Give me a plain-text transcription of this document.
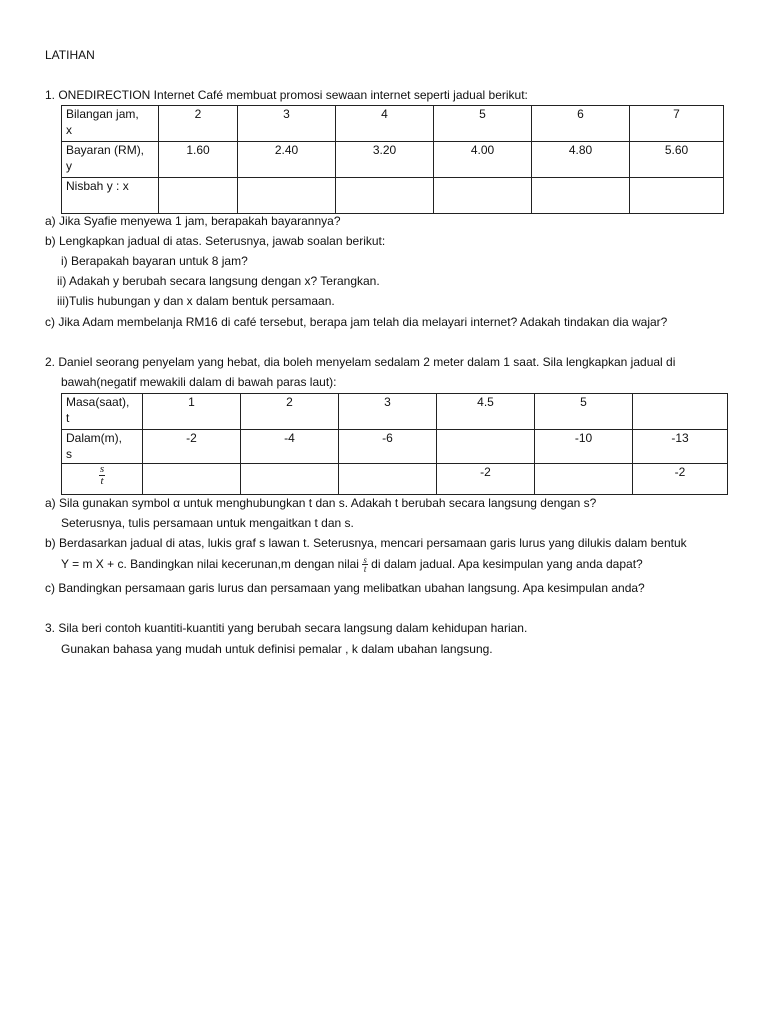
LATIHAN
1. ONEDIRECTION Internet Café membuat promosi sewaan internet seperti jadual berikut:
Bilangan jam,
x	2	3	4	5	6	7
Bayaran (RM),
y	1.60	2.40	3.20	4.00	4.80	5.60
Nisbah y : x						
a) Jika Syafie menyewa 1 jam, berapakah bayarannya?
b) Lengkapkan jadual di atas. Seterusnya, jawab soalan berikut:
i) Berapakah bayaran untuk 8 jam?
ii) Adakah y berubah secara langsung dengan x? Terangkan.
iii)Tulis hubungan y dan x dalam bentuk persamaan.
c) Jika Adam membelanja RM16 di café tersebut, berapa jam telah dia melayari internet? Adakah tindakan dia wajar?
2. Daniel seorang penyelam yang hebat, dia boleh menyelam sedalam 2 meter dalam 1 saat. Sila lengkapkan jadual di
bawah(negatif mewakili dalam di bawah paras laut):
Masa(saat),
t	1	2	3	4.5	5	
Dalam(m),
s	-2	-4	-6		-10	-13

$\frac{s}{t}$				-2		-2
a) Sila gunakan symbol α untuk menghubungkan t dan s. Adakah t berubah secara langsung dengan s?
Seterusnya, tulis persamaan untuk mengaitkan t dan s.
b) Berdasarkan jadual di atas, lukis graf s lawan t. Seterusnya, mencari persamaan garis lurus yang dilukis dalam bentuk
Y = m X + c. Bandingkan nilai kecerunan,m dengan nilai $\frac{s}{t}$ di dalam jadual. Apa kesimpulan yang anda dapat?
c) Bandingkan persamaan garis lurus dan persamaan yang melibatkan ubahan langsung. Apa kesimpulan anda?
3. Sila beri contoh kuantiti-kuantiti yang berubah secara langsung dalam kehidupan harian.
Gunakan bahasa yang mudah untuk definisi pemalar , k dalam ubahan langsung.
